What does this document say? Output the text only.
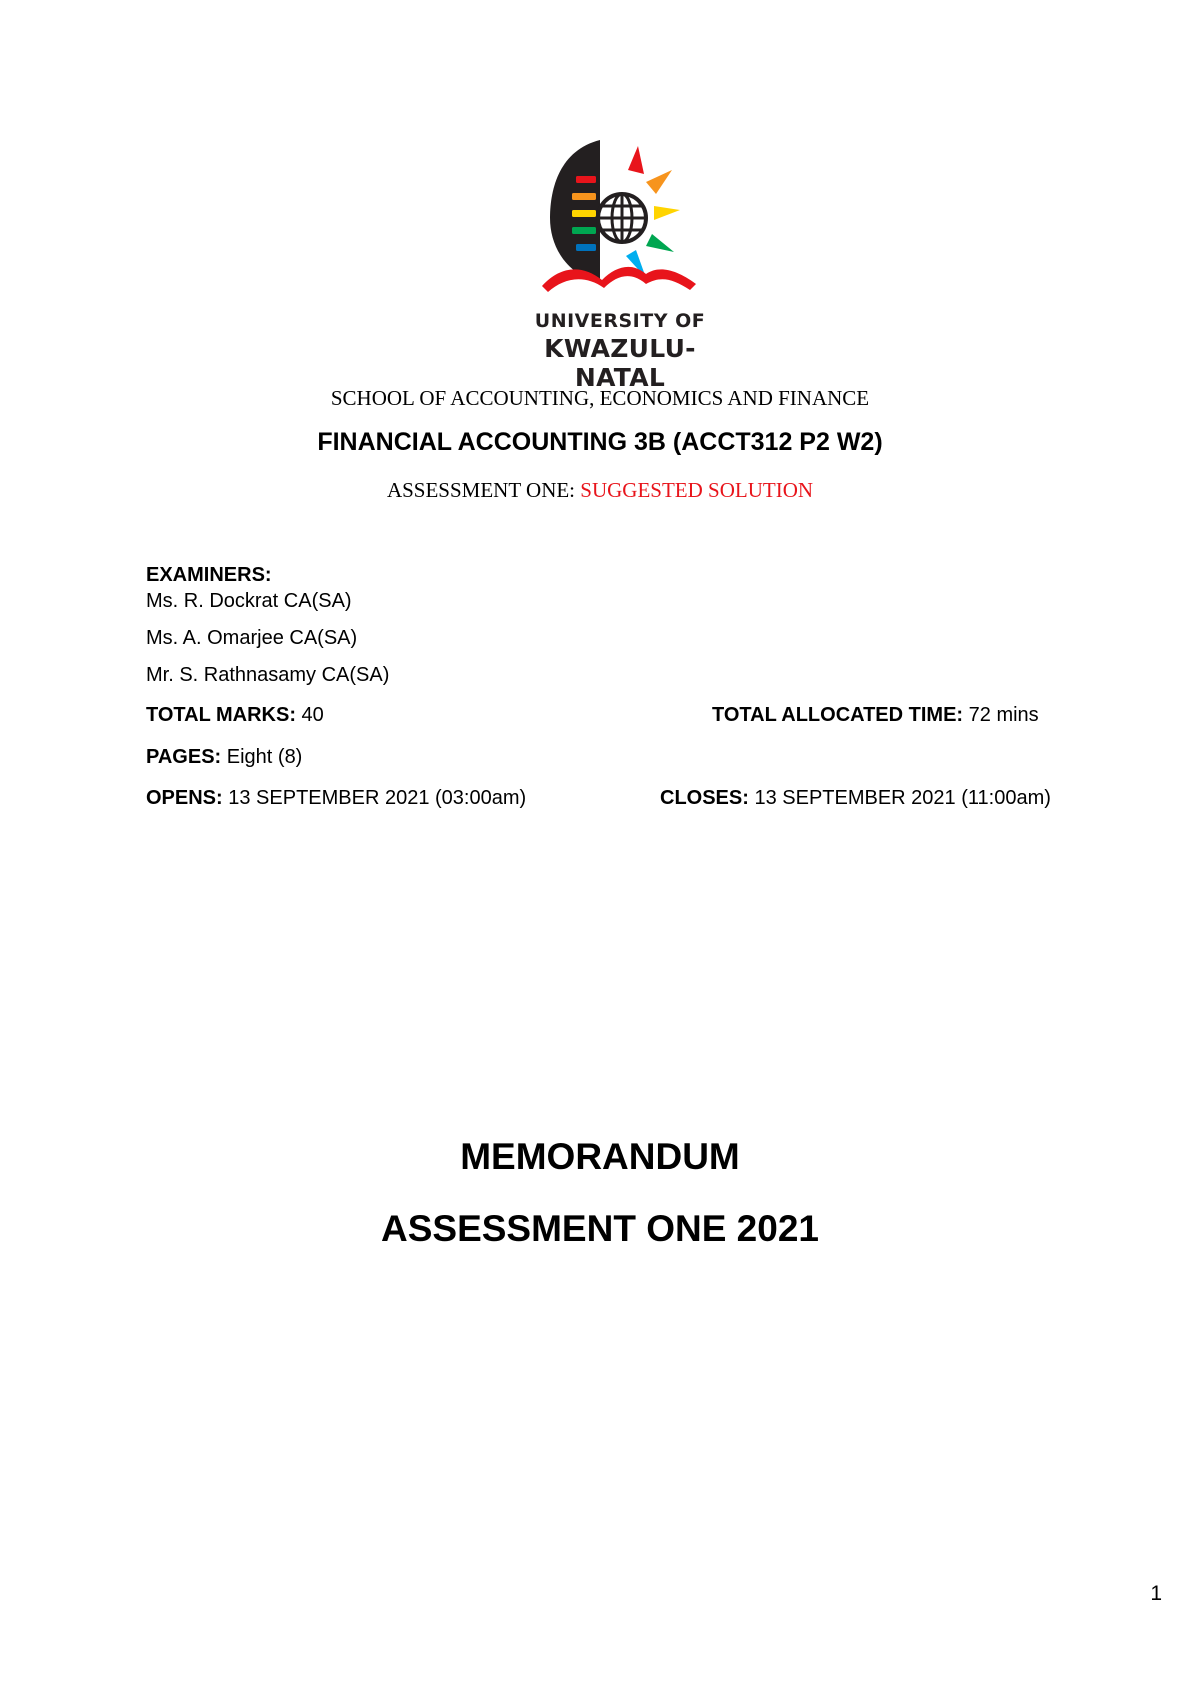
UNIVERSITY OF
KWAZULU-NATAL
SCHOOL OF ACCOUNTING, ECONOMICS AND FINANCE
FINANCIAL ACCOUNTING 3B (ACCT312 P2 W2)
ASSESSMENT ONE: SUGGESTED SOLUTION
EXAMINERS:
Ms. R. Dockrat CA(SA)
Ms. A. Omarjee CA(SA)
Mr. S. Rathnasamy CA(SA)
TOTAL MARKS: 40	TOTAL ALLOCATED TIME: 72 mins
PAGES: Eight (8)
OPENS: 13 SEPTEMBER 2021 (03:00am)	CLOSES: 13 SEPTEMBER 2021 (11:00am)
MEMORANDUM
ASSESSMENT ONE 2021
1
